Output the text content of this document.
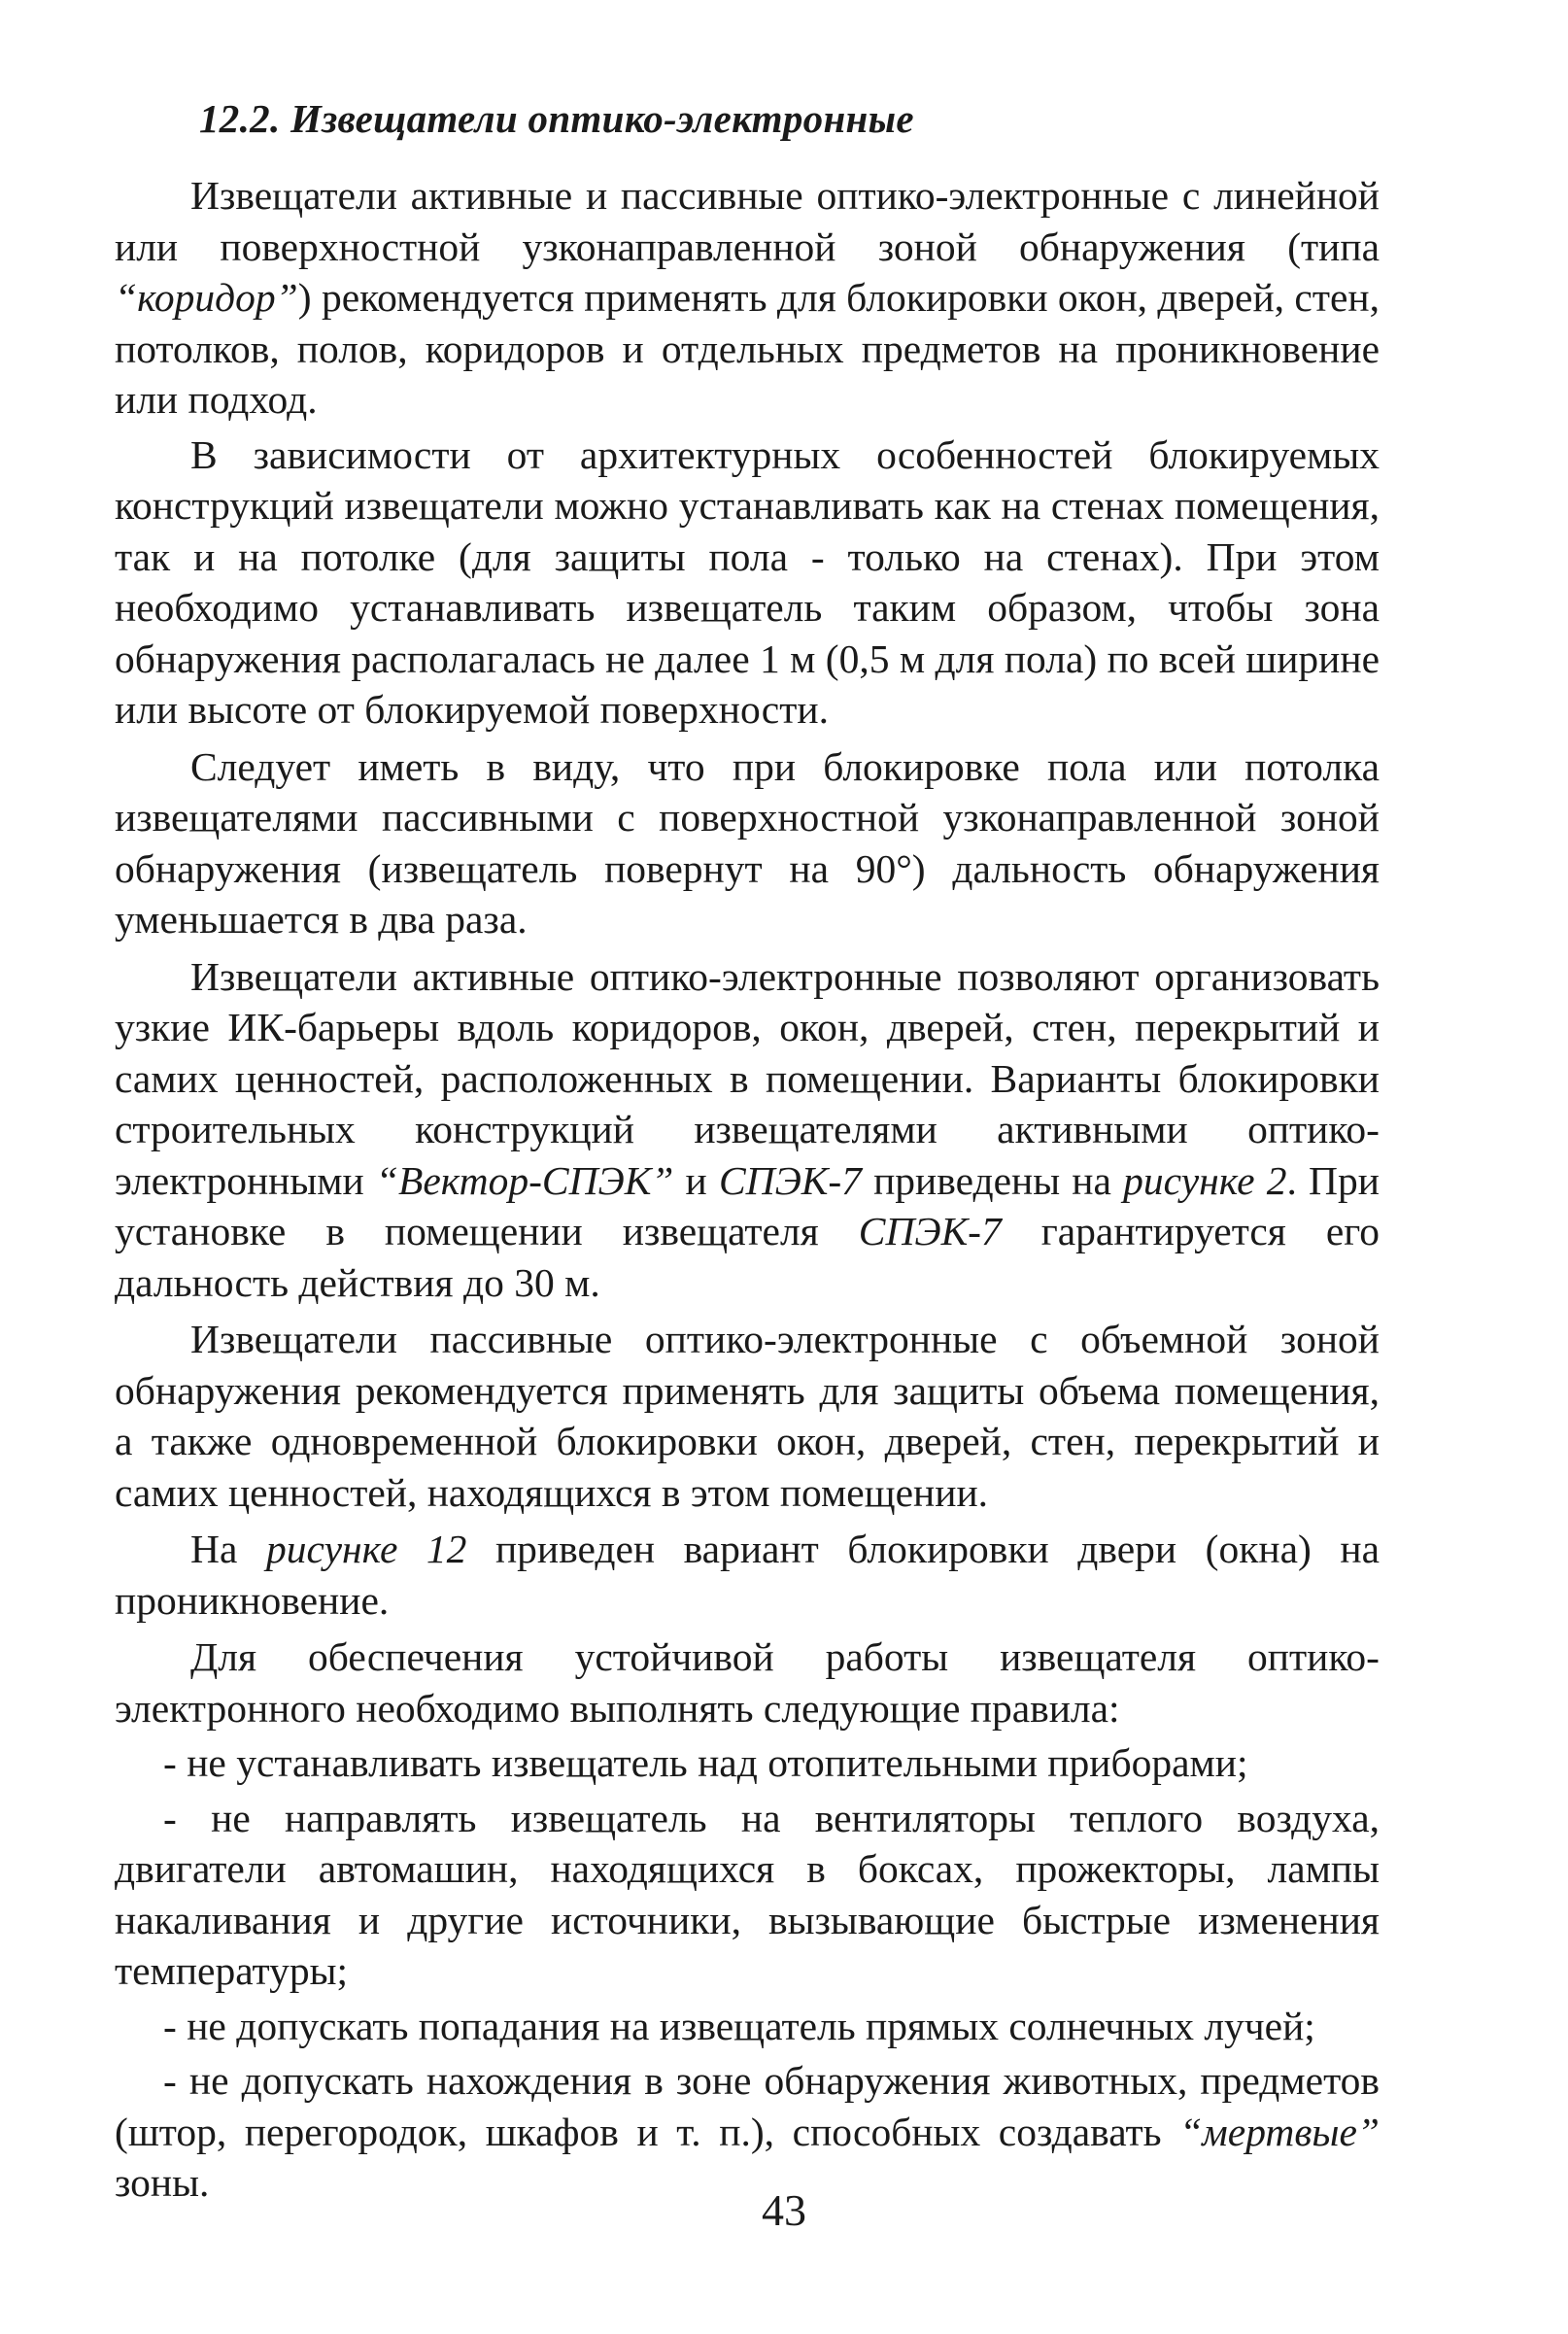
12.2. Извещатели оптико-электронные

Извещатели активные и пассивные оптико-электронные с линейной или поверхностной узконаправленной зоной обнаружения (типа “коридор”) рекомендуется применять для блокировки окон, дверей, стен, потолков, полов, коридоров и отдельных предметов на проникновение или подход.

В зависимости от архитектурных особенностей блокируемых конструкций извещатели можно устанавливать как на стенах помещения, так и на потолке (для защиты пола - только на стенах). При этом необходимо устанавливать извещатель таким образом, чтобы зона обнаружения располагалась не далее 1 м (0,5 м для пола) по всей ширине или высоте от блокируемой поверхности.

Следует иметь в виду, что при блокировке пола или потолка извещателями пассивными с поверхностной узконаправленной зоной обнаружения (извещатель повернут на 90°) дальность обнаружения уменьшается в два раза.

Извещатели активные оптико-электронные позволяют организовать узкие ИК-барьеры вдоль коридоров, окон, дверей, стен, перекрытий и самих ценностей, расположенных в помещении. Варианты блокировки строительных конструкций извещателями активными оптико-электронными “Вектор-СПЭК” и СПЭК-7 приведены на рисунке 2. При установке в помещении извещателя СПЭК-7 гарантируется его дальность действия до 30 м.

Извещатели пассивные оптико-электронные с объемной зоной обнаружения рекомендуется применять для защиты объема помещения, а также одновременной блокировки окон, дверей, стен, перекрытий и самих ценностей, находящихся в этом помещении.

На рисунке 12 приведен вариант блокировки двери (окна) на проникновение.

Для обеспечения устойчивой работы извещателя оптико-электронного необходимо выполнять следующие правила:

- не устанавливать извещатель над отопительными приборами;

- не направлять извещатель на вентиляторы теплого воздуха, двигатели автомашин, находящихся в боксах, прожекторы, лампы накаливания и другие источники, вызывающие быстрые изменения температуры;

- не допускать попадания на извещатель прямых солнечных лучей;

- не допускать нахождения в зоне обнаружения животных, предметов (штор, перегородок, шкафов и т. п.), способных создавать “мертвые” зоны.

43
